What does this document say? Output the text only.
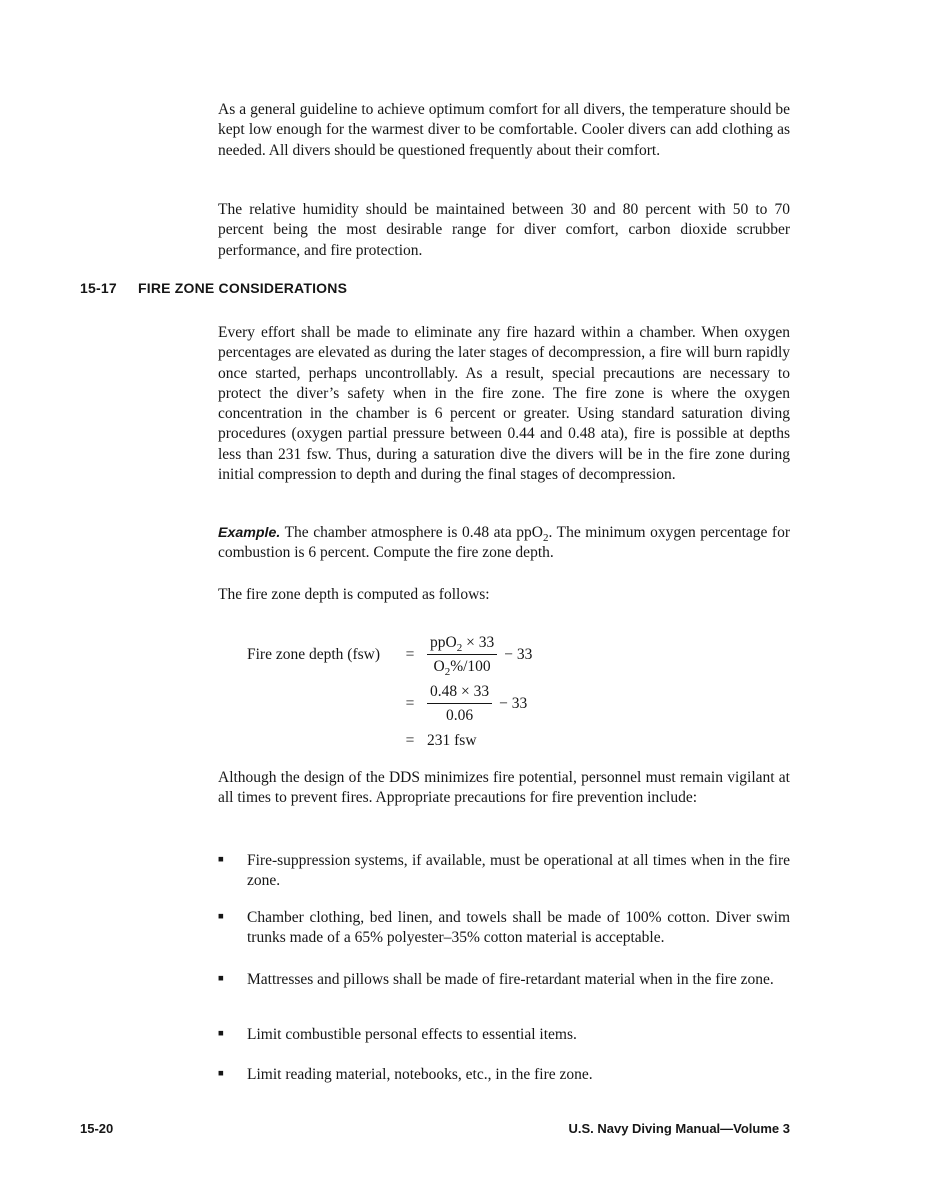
As a general guideline to achieve optimum comfort for all divers, the temperature should be kept low enough for the warmest diver to be comfortable. Cooler divers can add clothing as needed. All divers should be questioned frequently about their comfort.
The relative humidity should be maintained between 30 and 80 percent with 50 to 70 percent being the most desirable range for diver comfort, carbon dioxide scrubber performance, and fire protection.
15-17 FIRE ZONE CONSIDERATIONS
Every effort shall be made to eliminate any fire hazard within a chamber. When oxygen percentages are elevated as during the later stages of decompression, a fire will burn rapidly once started, perhaps uncontrollably. As a result, special precautions are necessary to protect the diver’s safety when in the fire zone. The fire zone is where the oxygen concentration in the chamber is 6 percent or greater. Using standard saturation diving procedures (oxygen partial pressure between 0.44 and 0.48 ata), fire is possible at depths less than 231 fsw. Thus, during a saturation dive the divers will be in the fire zone during initial compression to depth and during the final stages of decompression.
Example. The chamber atmosphere is 0.48 ata ppO$_2$. The minimum oxygen percentage for combustion is 6 percent. Compute the fire zone depth.
The fire zone depth is computed as follows:
Fire zone depth (fsw)	= $\frac{ppO_2 \times 33}{O_2\%/100} - 33$
= $\frac{0.48 \times 33}{0.06} - 33$
= 231 fsw
Although the design of the DDS minimizes fire potential, personnel must remain vigilant at all times to prevent fires. Appropriate precautions for fire prevention include:
■	Fire-suppression systems, if available, must be operational at all times when in the fire zone.
■	Chamber clothing, bed linen, and towels shall be made of 100% cotton. Diver swim trunks made of a 65% polyester–35% cotton material is acceptable.
■	Mattresses and pillows shall be made of fire-retardant material when in the fire zone.
■	Limit combustible personal effects to essential items.
■	Limit reading material, notebooks, etc., in the fire zone.
15-20	U.S. Navy Diving Manual—Volume 3
